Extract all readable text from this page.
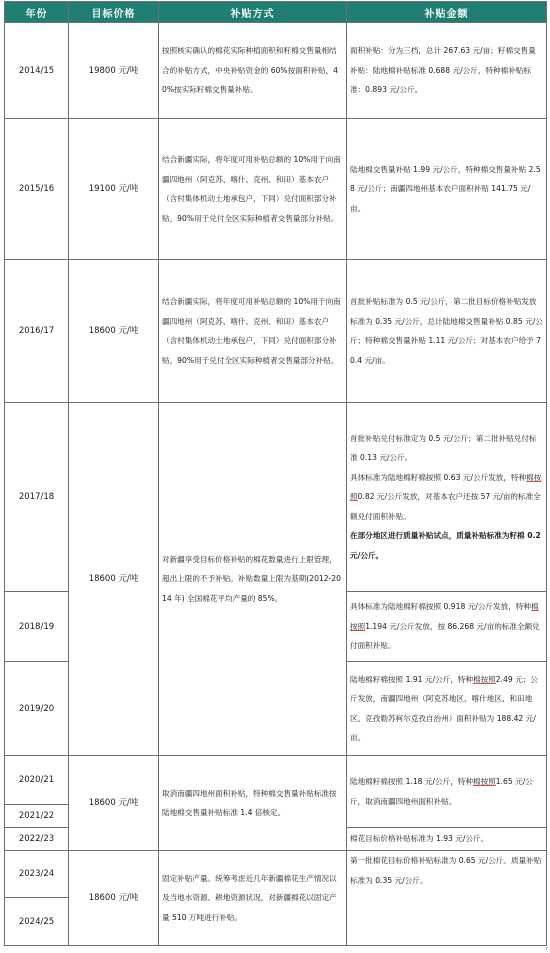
年份	目标价格	补贴方式	补贴金额
2014/15	19800 元/吨	按照核实确认的棉花实际种植面积和籽棉交售量相结合的补贴方式，中央补贴资金的 60%按面积补贴，40%按实际籽棉交售量补贴。	面积补贴：分为三档，总计 267.63 元/亩；籽棉交售量补贴：陆地棉补贴标准 0.688 元/公斤，特种棉补贴标准：0.893 元/公斤。
2015/16	19100 元/吨	结合新疆实际，将年度可用补贴总额的 10%用于向南疆四地州（阿克苏、喀什、克州、和田）基本农户（含村集体机动土地承包户，下同）兑付面积部分补贴，90%用于兑付全区实际种植者交售量部分补贴。	陆地棉交售量补贴 1.99 元/公斤，特种棉交售量补贴 2.58 元/公斤；南疆四地州基本农户面积补贴 141.75 元/亩。
2016/17	18600 元/吨	结合新疆实际，将年度可用补贴总额的 10%用于向南疆四地州（阿克苏、喀什、克州、和田）基本农户（含村集体机动土地承包户，下同）兑付面积部分补贴，90%用于兑付全区实际种植者交售量部分补贴。	首批补贴标准为 0.5 元/公斤，第二批目标价格补贴发放标准为 0.35 元/公斤，总计陆地棉交售量补贴 0.85 元/公斤；特种棉交售量补贴 1.11 元/公斤；对基本农户给予 70.4 元/亩。
2017/18	18600 元/吨	对新疆享受目标价格补贴的棉花数量进行上限管理，超出上限的不予补贴。补贴数量上限为基期(2012-2014 年) 全国棉花平均产量的 85%。	首批补贴兑付标准定为 0.5 元/公斤；第二批补贴兑付标准 0.13 元/公斤。
具体标准为陆地棉籽棉按照 0.63 元/公斤发放，特种棉按照0.82 元/公斤发放，对基本农户还按 57 元/亩的标准全额兑付面积补贴。
在部分地区进行质量补贴试点，质量补贴标准为籽棉 0.2 元/公斤。
2018/19			具体标准为陆地棉籽棉按照 0.918 元/公斤发放，特种棉按照1.194 元/公斤发放，按 86.268 元/亩的标准全额兑付面积补贴。
2019/20			陆地棉籽棉按照 1.91 元/公斤，特种棉按照2.49 元；公斤发放，南疆四地州（阿克苏地区、喀什地区、和田地区、克孜勒苏柯尔克孜自治州）面积补贴为 188.42 元/亩。
2020/21	18600 元/吨	取消南疆四地州面积补贴，特种棉交售量补贴标准按陆地棉交售量补贴标准 1.4 倍核定。	陆地棉籽棉按照 1.18 元/公斤，特种棉按照1.65 元/公斤，取消南疆四地州面积补贴。
2021/22			
2022/23			棉花目标价格补贴标准为 1.93 元/公斤。
2023/24	18600 元/吨	固定补贴产量。统筹考虑近几年新疆棉花生产情况以及当地水资源、耕地资源状况，对新疆棉花以固定产量 510 万吨进行补贴。	第一批棉花目标价格补贴标准为 0.65 元/公斤。质量补贴标准为 0.35 元/公斤。
2024/25			
r
